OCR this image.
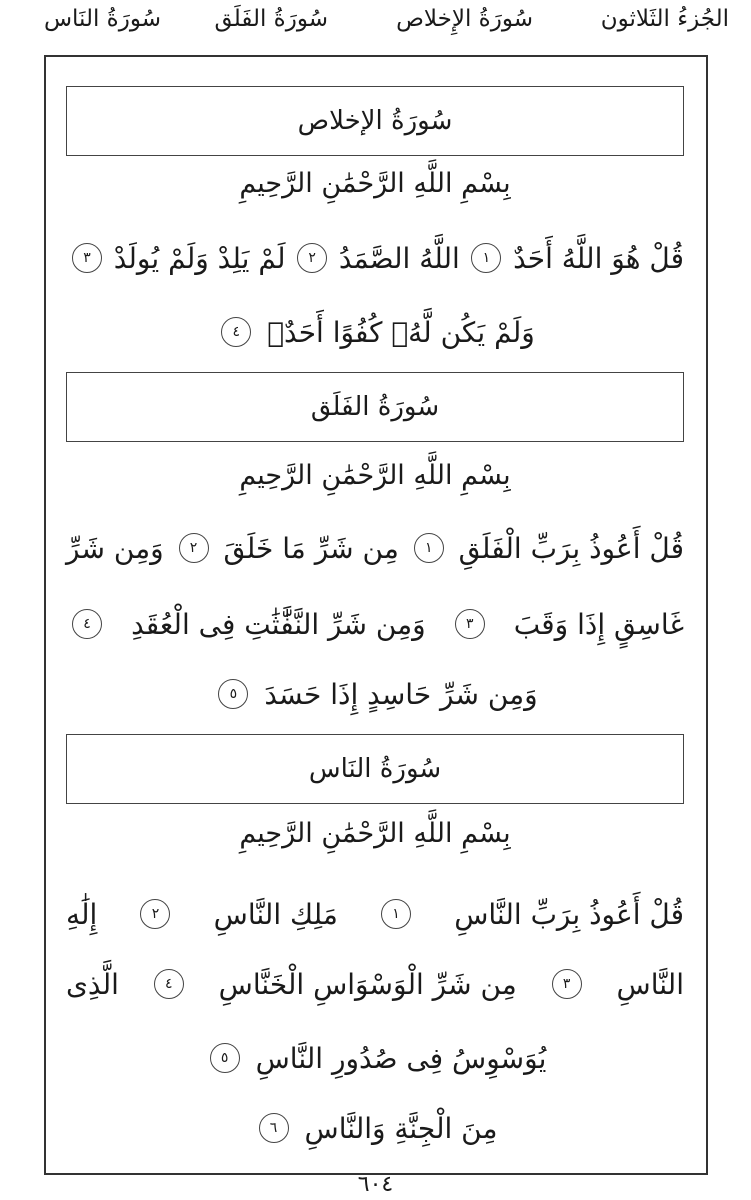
الجُزءُ الثَلاثون
سُورَةُ الإِخلاص
سُورَةُ الفَلَق
سُورَةُ النَاس
سُورَةُ الإخلاص
بِسْمِ اللَّهِ الرَّحْمَٰنِ الرَّحِيمِ
قُلْ هُوَ اللَّهُ أَحَدٌ
١
اللَّهُ الصَّمَدُ
٢
لَمْ يَلِدْ وَلَمْ يُولَدْ
٣
وَلَمْ يَكُن لَّهُۥ كُفُوًا أَحَدٌۢ
٤
سُورَةُ الفَلَق
بِسْمِ اللَّهِ الرَّحْمَٰنِ الرَّحِيمِ
قُلْ أَعُوذُ بِرَبِّ الْفَلَقِ
١
مِن شَرِّ مَا خَلَقَ
٢
وَمِن شَرِّ
غَاسِقٍ إِذَا وَقَبَ
٣
وَمِن شَرِّ النَّفَّٰثَٰتِ فِى الْعُقَدِ
٤
وَمِن شَرِّ حَاسِدٍ إِذَا حَسَدَ
٥
سُورَةُ النَاس
بِسْمِ اللَّهِ الرَّحْمَٰنِ الرَّحِيمِ
قُلْ أَعُوذُ بِرَبِّ النَّاسِ
١
مَلِكِ النَّاسِ
٢
إِلَٰهِ
النَّاسِ
٣
مِن شَرِّ الْوَسْوَاسِ الْخَنَّاسِ
٤
الَّذِى
يُوَسْوِسُ فِى صُدُورِ النَّاسِ
٥
مِنَ الْجِنَّةِ وَالنَّاسِ
٦
٦٠٤
